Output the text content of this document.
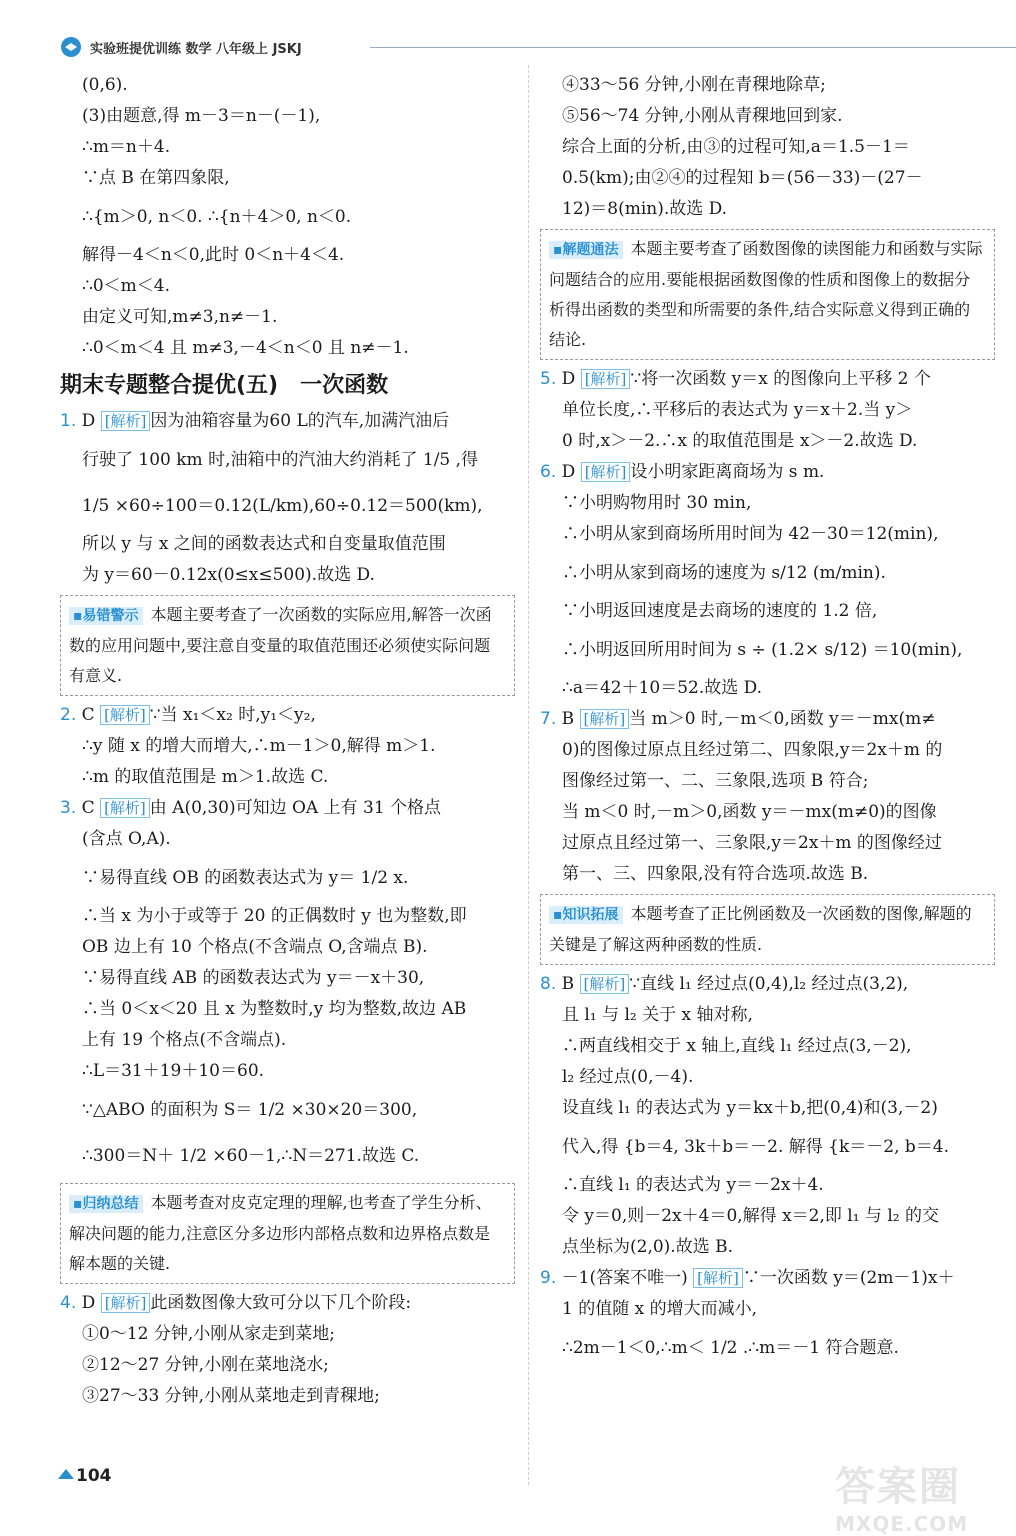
实验班提优训练 数学 八年级上 JSKJ
(0,6).
(3)由题意,得 m－3＝n－(－1),
∴m＝n＋4.
∵点 B 在第四象限,
∴{m＞0, n＜0. ∴{n＋4＞0, n＜0.
解得－4＜n＜0,此时 0＜n＋4＜4.
∴0＜m＜4.
由定义可知,m≠3,n≠－1.
∴0＜m＜4 且 m≠3,－4＜n＜0 且 n≠－1.
期末专题整合提优(五)　一次函数
1. D [解析] 因为油箱容量为60 L的汽车,加满汽油后
行驶了 100 km 时,油箱中的汽油大约消耗了 1/5 ,得
1/5 ×60÷100＝0.12(L/km),60÷0.12＝500(km),
所以 y 与 x 之间的函数表达式和自变量取值范围
为 y＝60－0.12x(0≤x≤500).故选 D.
▪ 易错警示 本题主要考查了一次函数的实际应用,解答一次函数的应用问题中,要注意自变量的取值范围还必须使实际问题有意义.
2. C [解析] ∵当 x₁＜x₂ 时,y₁＜y₂,
∴y 随 x 的增大而增大,∴m－1＞0,解得 m＞1.
∴m 的取值范围是 m＞1.故选 C.
3. C [解析] 由 A(0,30)可知边 OA 上有 31 个格点
(含点 O,A).
∵易得直线 OB 的函数表达式为 y＝ 1/2 x.
∴当 x 为小于或等于 20 的正偶数时 y 也为整数,即
OB 边上有 10 个格点(不含端点 O,含端点 B).
∵易得直线 AB 的函数表达式为 y＝－x＋30,
∴当 0＜x＜20 且 x 为整数时,y 均为整数,故边 AB
上有 19 个格点(不含端点).
∴L＝31＋19＋10＝60.
∵△ABO 的面积为 S＝ 1/2 ×30×20＝300,
∴300＝N＋ 1/2 ×60－1,∴N＝271.故选 C.
▪ 归纳总结 本题考查对皮克定理的理解,也考查了学生分析、解决问题的能力,注意区分多边形内部格点数和边界格点数是解本题的关键.
4. D [解析] 此函数图像大致可分以下几个阶段:
①0～12 分钟,小刚从家走到菜地;
②12～27 分钟,小刚在菜地浇水;
③27～33 分钟,小刚从菜地走到青稞地;
④33～56 分钟,小刚在青稞地除草;
⑤56～74 分钟,小刚从青稞地回到家.
综合上面的分析,由③的过程可知,a＝1.5－1＝
0.5(km);由②④的过程知 b＝(56－33)－(27－
12)＝8(min).故选 D.
▪ 解题通法 本题主要考查了函数图像的读图能力和函数与实际问题结合的应用.要能根据函数图像的性质和图像上的数据分析得出函数的类型和所需要的条件,结合实际意义得到正确的结论.
5. D [解析] ∵将一次函数 y＝x 的图像向上平移 2 个
单位长度,∴平移后的表达式为 y＝x＋2.当 y＞
0 时,x＞－2.∴x 的取值范围是 x＞－2.故选 D.
6. D [解析] 设小明家距离商场为 s m.
∵小明购物用时 30 min,
∴小明从家到商场所用时间为 42－30＝12(min),
∴小明从家到商场的速度为 s/12 (m/min).
∵小明返回速度是去商场的速度的 1.2 倍,
∴小明返回所用时间为 s ÷ (1.2× s/12) ＝10(min),
∴a＝42＋10＝52.故选 D.
7. B [解析] 当 m＞0 时,－m＜0,函数 y＝－mx(m≠
0)的图像过原点且经过第二、四象限,y＝2x＋m 的
图像经过第一、二、三象限,选项 B 符合;
当 m＜0 时,－m＞0,函数 y＝－mx(m≠0)的图像
过原点且经过第一、三象限,y＝2x＋m 的图像经过
第一、三、四象限,没有符合选项.故选 B.
▪ 知识拓展 本题考查了正比例函数及一次函数的图像,解题的关键是了解这两种函数的性质.
8. B [解析] ∵直线 l₁ 经过点(0,4),l₂ 经过点(3,2),
且 l₁ 与 l₂ 关于 x 轴对称,
∴两直线相交于 x 轴上,直线 l₁ 经过点(3,－2),
l₂ 经过点(0,－4).
设直线 l₁ 的表达式为 y＝kx＋b,把(0,4)和(3,－2)
代入,得 {b＝4, 3k＋b＝－2. 解得 {k＝－2, b＝4.
∴直线 l₁ 的表达式为 y＝－2x＋4.
令 y＝0,则－2x＋4＝0,解得 x＝2,即 l₁ 与 l₂ 的交
点坐标为(2,0).故选 B.
9. －1(答案不唯一) [解析] ∵一次函数 y＝(2m－1)x＋
1 的值随 x 的增大而减小,
∴2m－1＜0,∴m＜ 1/2 .∴m＝－1 符合题意.
104	答案圈
MXQE.COM
